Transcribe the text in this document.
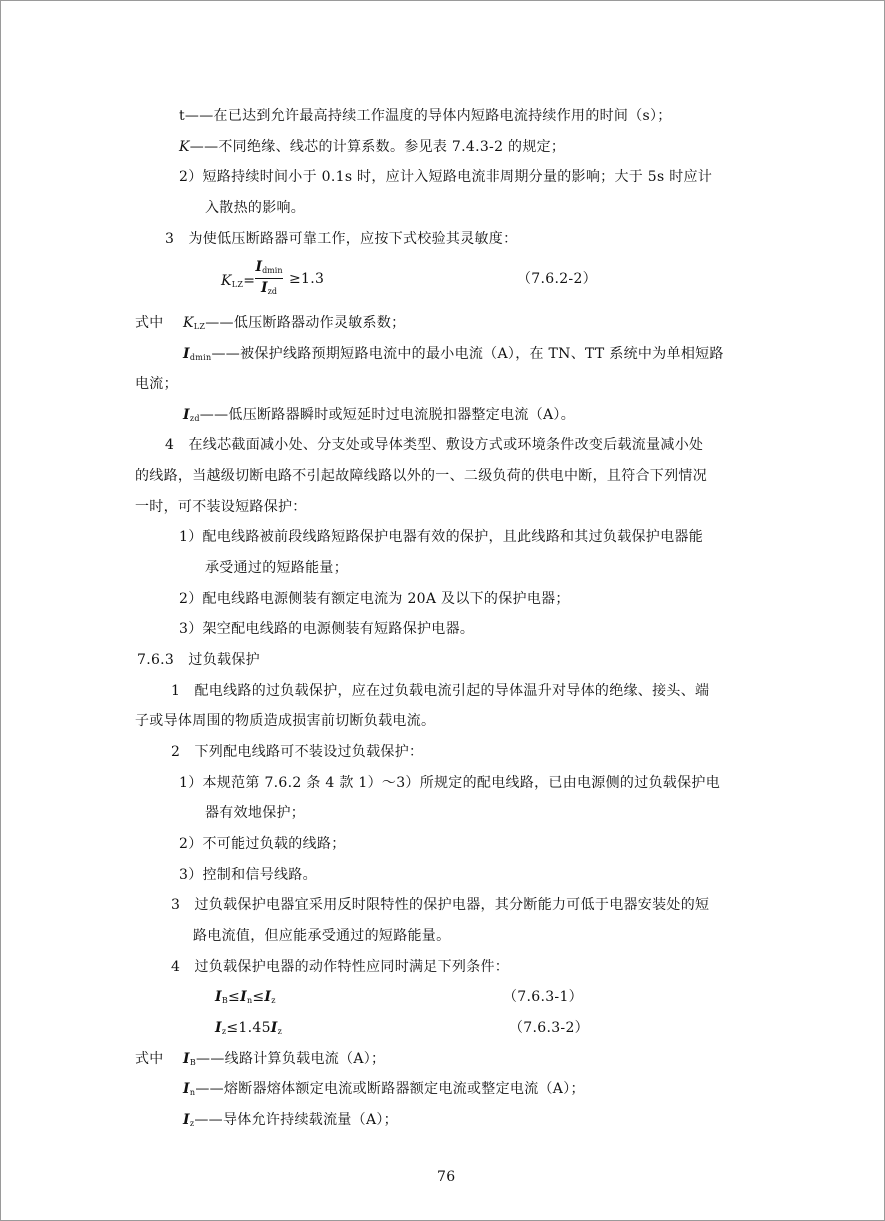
t——在已达到允许最高持续工作温度的导体内短路电流持续作用的时间（s）；
K——不同绝缘、线芯的计算系数。参见表 7.4.3-2 的规定；
2）短路持续时间小于 0.1s 时，应计入短路电流非周期分量的影响；大于 5s 时应计
入散热的影响。
3　为使低压断路器可靠工作，应按下式校验其灵敏度：
KLZ=
Idmin
Izd
≥1.3	（7.6.2-2）
式中 KLZ——低压断路器动作灵敏系数；
Idmin——被保护线路预期短路电流中的最小电流（A），在 TN、TT 系统中为单相短路
电流；
Izd——低压断路器瞬时或短延时过电流脱扣器整定电流（A）。
4　在线芯截面减小处、分支处或导体类型、敷设方式或环境条件改变后载流量减小处
的线路，当越级切断电路不引起故障线路以外的一、二级负荷的供电中断，且符合下列情况
一时，可不装设短路保护：
1）配电线路被前段线路短路保护电器有效的保护，且此线路和其过负载保护电器能
承受通过的短路能量；
2）配电线路电源侧装有额定电流为 20A 及以下的保护电器；
3）架空配电线路的电源侧装有短路保护电器。
7.6.3　过负载保护
1　配电线路的过负载保护，应在过负载电流引起的导体温升对导体的绝缘、接头、端
子或导体周围的物质造成损害前切断负载电流。
2　下列配电线路可不装设过负载保护：
1）本规范第 7.6.2 条 4 款 1）～3）所规定的配电线路，已由电源侧的过负载保护电
器有效地保护；
2）不可能过负载的线路；
3）控制和信号线路。
3　过负载保护电器宜采用反时限特性的保护电器，其分断能力可低于电器安装处的短
路电流值，但应能承受通过的短路能量。
4　过负载保护电器的动作特性应同时满足下列条件：
IB≤In≤Iz	（7.6.3-1）
Iz≤1.45Iz	（7.6.3-2）
式中 IB——线路计算负载电流（A）；
In——熔断器熔体额定电流或断路器额定电流或整定电流（A）；
Iz——导体允许持续载流量（A）；
76
